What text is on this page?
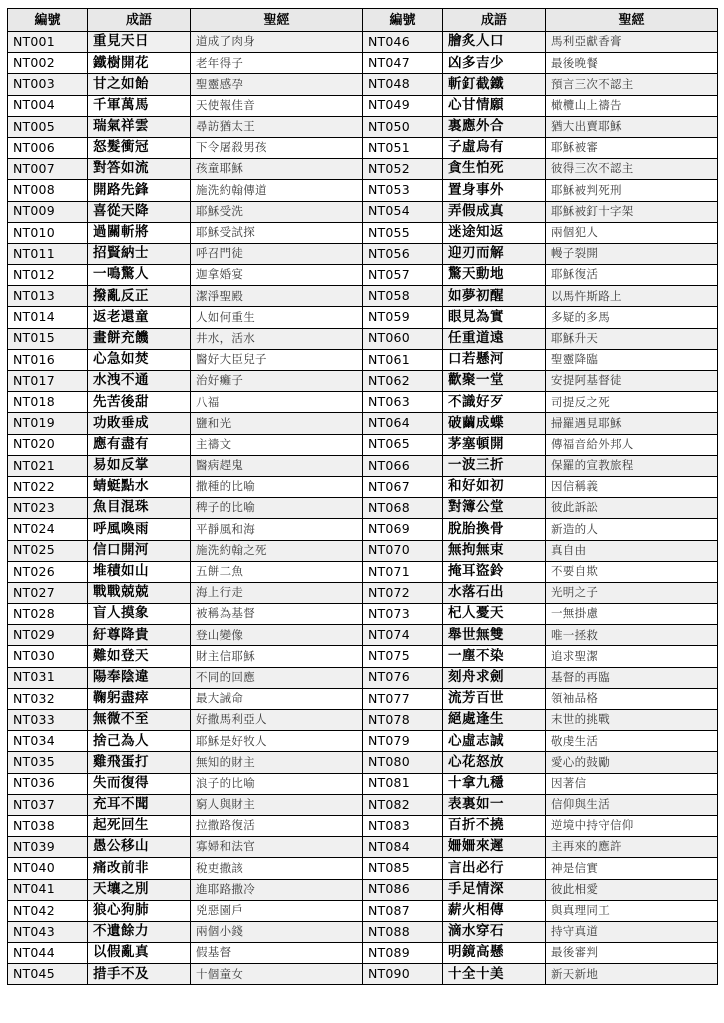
編號	成語	聖經	編號	成語	聖經
NT001	重見天日	道成了肉身	NT046	膾炙人口	馬利亞獻香膏
NT002	鐵樹開花	老年得子	NT047	凶多吉少	最後晚餐
NT003	甘之如飴	聖靈感孕	NT048	斬釘截鐵	預言三次不認主
NT004	千軍萬馬	天使報佳音	NT049	心甘情願	橄欖山上禱告
NT005	瑞氣祥雲	尋訪猶太王	NT050	裏應外合	猶大出賣耶穌
NT006	怒髮衝冠	下令屠殺男孩	NT051	子虛烏有	耶穌被審
NT007	對答如流	孩童耶穌	NT052	貪生怕死	彼得三次不認主
NT008	開路先鋒	施洗約翰傳道	NT053	置身事外	耶穌被判死刑
NT009	喜從天降	耶穌受洗	NT054	弄假成真	耶穌被釘十字架
NT010	過關斬將	耶穌受試探	NT055	迷途知返	兩個犯人
NT011	招賢納士	呼召門徒	NT056	迎刃而解	幔子裂開
NT012	一鳴驚人	迦拿婚宴	NT057	驚天動地	耶穌復活
NT013	撥亂反正	潔淨聖殿	NT058	如夢初醒	以馬忤斯路上
NT014	返老還童	人如何重生	NT059	眼見為實	多疑的多馬
NT015	畫餅充饑	井水，活水	NT060	任重道遠	耶穌升天
NT016	心急如焚	醫好大臣兒子	NT061	口若懸河	聖靈降臨
NT017	水洩不通	治好癱子	NT062	歡聚一堂	安提阿基督徒
NT018	先苦後甜	八福	NT063	不識好歹	司提反之死
NT019	功敗垂成	鹽和光	NT064	破繭成蝶	掃羅遇見耶穌
NT020	應有盡有	主禱文	NT065	茅塞頓開	傳福音給外邦人
NT021	易如反掌	醫病趕鬼	NT066	一波三折	保羅的宣教旅程
NT022	蜻蜓點水	撒種的比喻	NT067	和好如初	因信稱義
NT023	魚目混珠	稗子的比喻	NT068	對簿公堂	彼此訴訟
NT024	呼風喚雨	平靜風和海	NT069	脫胎換骨	新造的人
NT025	信口開河	施洗約翰之死	NT070	無拘無束	真自由
NT026	堆積如山	五餅二魚	NT071	掩耳盜鈴	不要自欺
NT027	戰戰兢兢	海上行走	NT072	水落石出	光明之子
NT028	盲人摸象	被稱為基督	NT073	杞人憂天	一無掛慮
NT029	紆尊降貴	登山變像	NT074	舉世無雙	唯一拯救
NT030	難如登天	財主信耶穌	NT075	一塵不染	追求聖潔
NT031	陽奉陰違	不同的回應	NT076	刻舟求劍	基督的再臨
NT032	鞠躬盡瘁	最大誡命	NT077	流芳百世	領袖品格
NT033	無微不至	好撒馬利亞人	NT078	絕處逢生	末世的挑戰
NT034	捨己為人	耶穌是好牧人	NT079	心虛志誠	敬虔生活
NT035	雞飛蛋打	無知的財主	NT080	心花怒放	愛心的鼓勵
NT036	失而復得	浪子的比喻	NT081	十拿九穩	因著信
NT037	充耳不聞	窮人與財主	NT082	表裏如一	信仰與生活
NT038	起死回生	拉撒路復活	NT083	百折不撓	逆境中持守信仰
NT039	愚公移山	寡婦和法官	NT084	姍姍來遲	主再來的應許
NT040	痛改前非	稅吏撒該	NT085	言出必行	神是信實
NT041	天壤之別	進耶路撒冷	NT086	手足情深	彼此相愛
NT042	狼心狗肺	兇惡園戶	NT087	薪火相傳	與真理同工
NT043	不遺餘力	兩個小錢	NT088	滴水穿石	持守真道
NT044	以假亂真	假基督	NT089	明鏡高懸	最後審判
NT045	措手不及	十個童女	NT090	十全十美	新天新地
